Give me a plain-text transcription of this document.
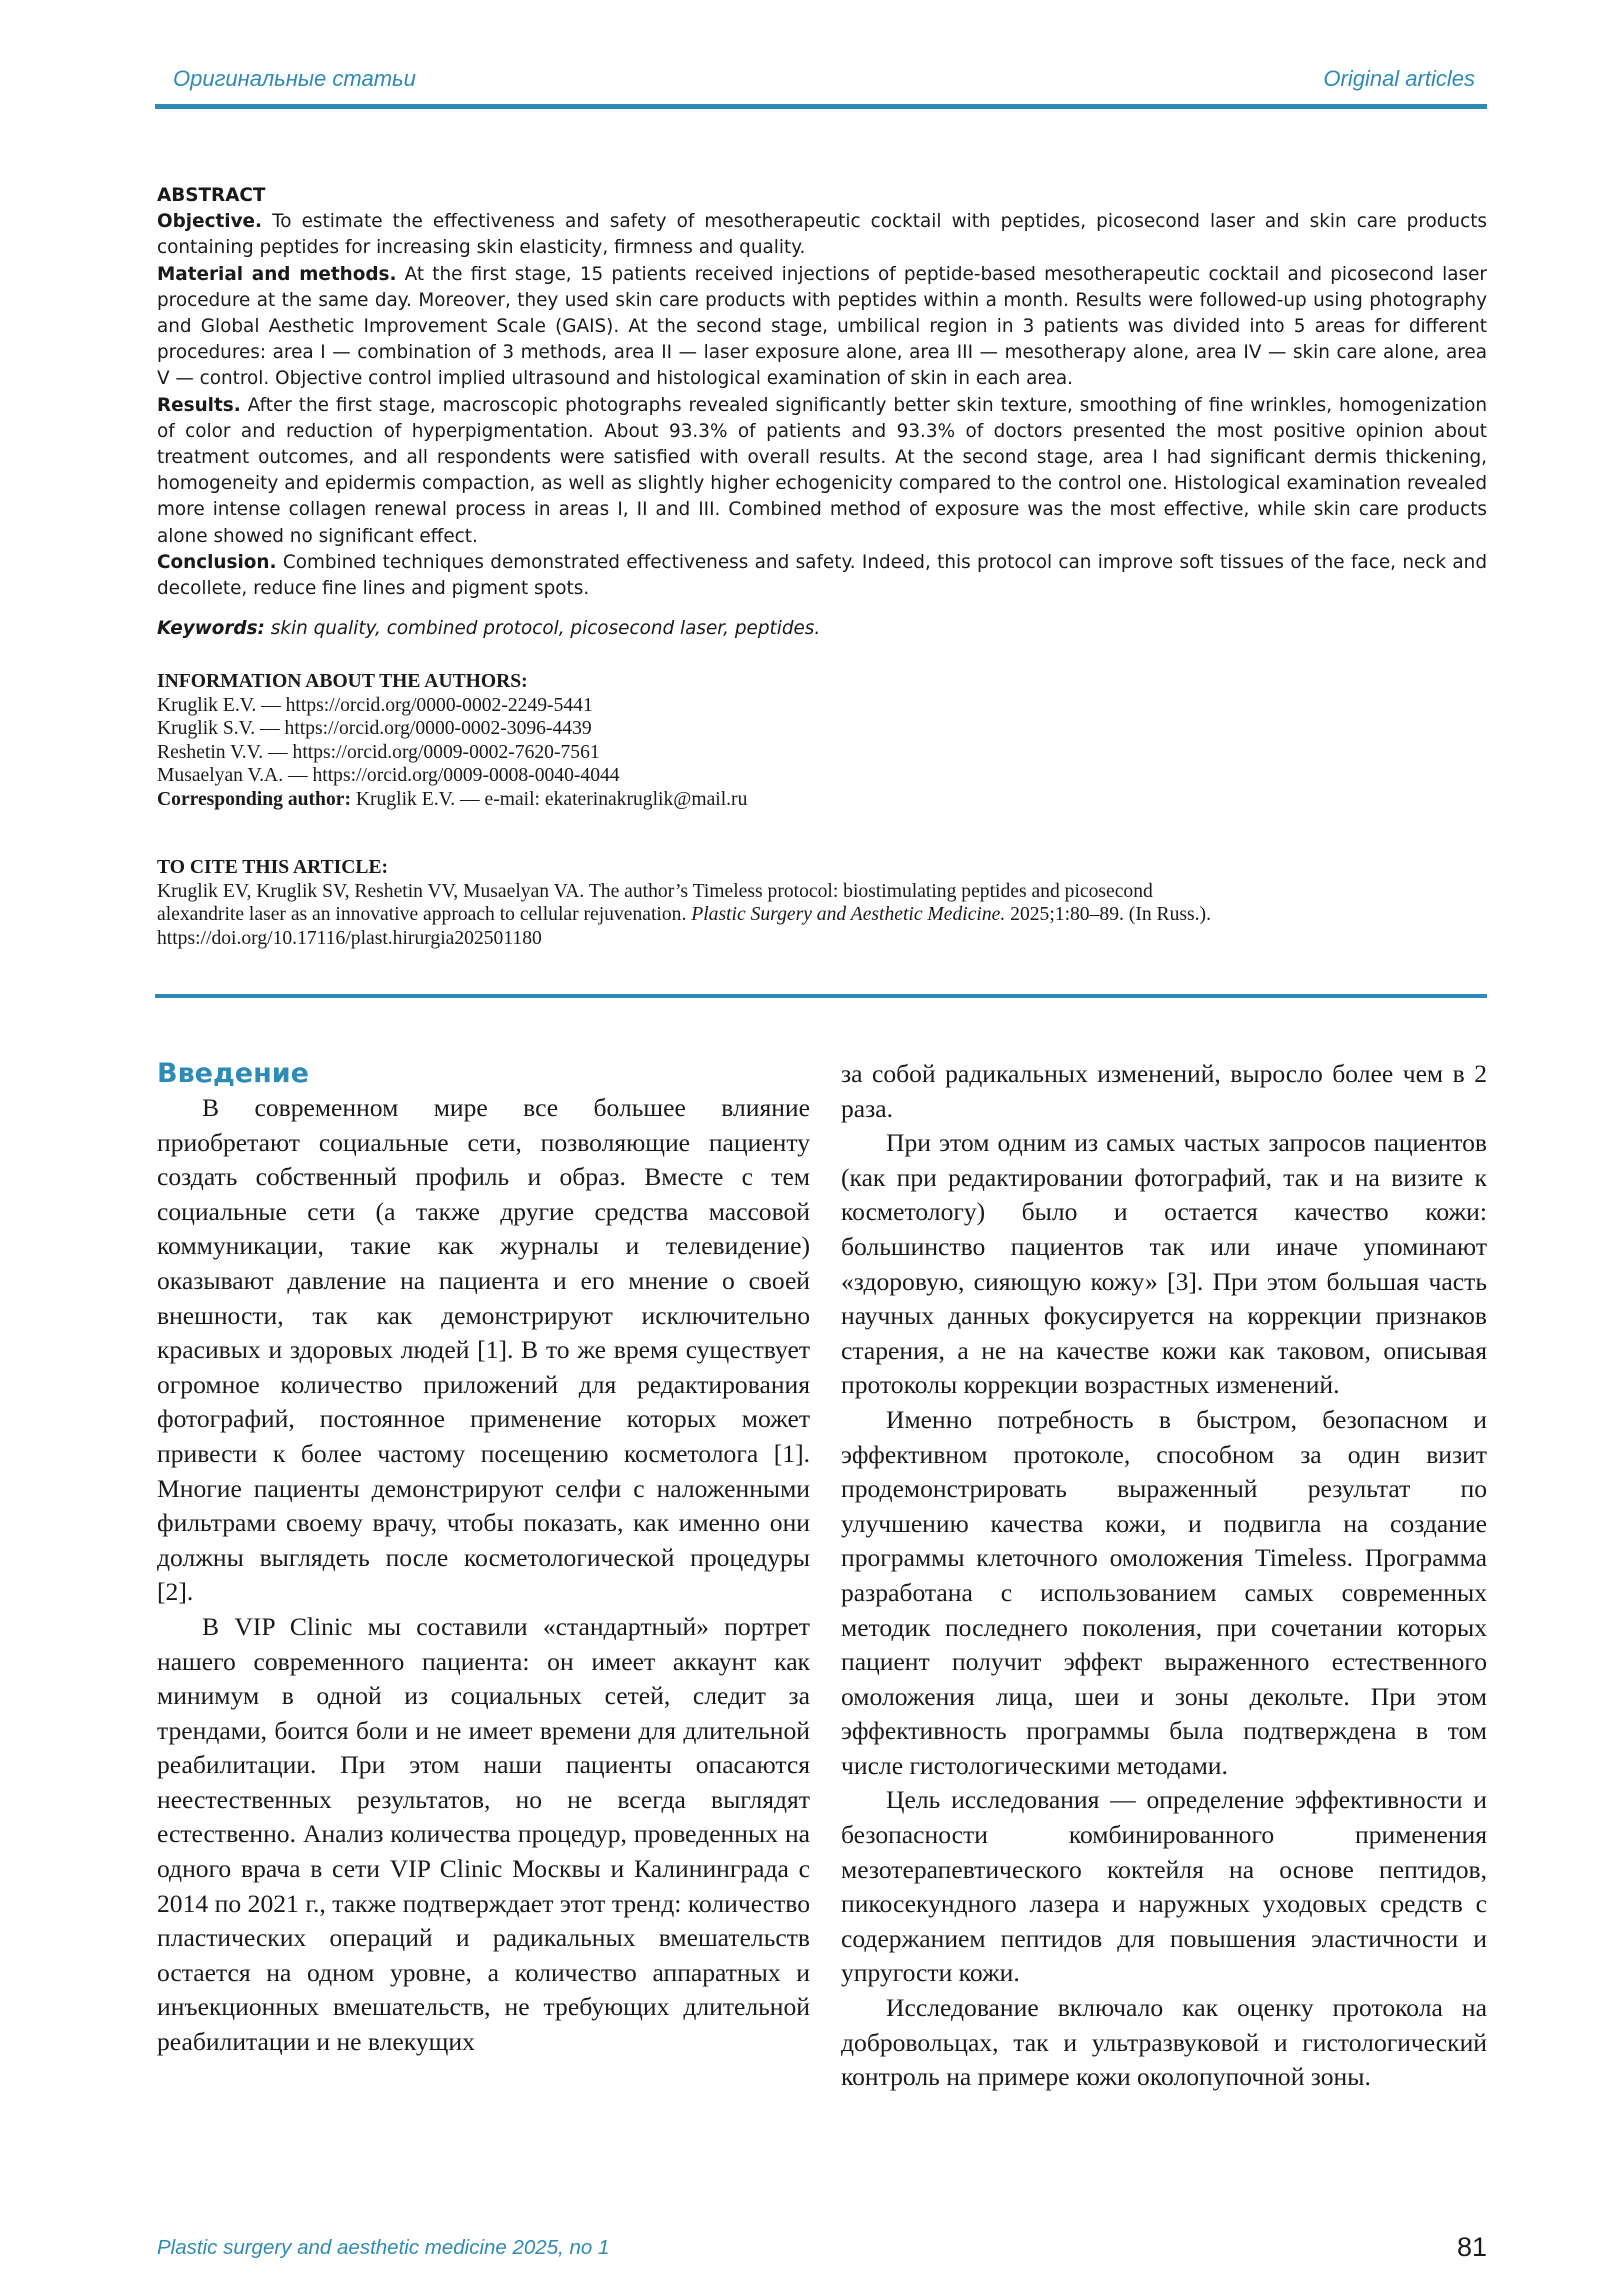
Оригинальные статьи	Original articles

ABSTRACT

Objective. To estimate the effectiveness and safety of mesotherapeutic cocktail with peptides, picosecond laser and skin care products containing peptides for increasing skin elasticity, firmness and quality.

Material and methods. At the first stage, 15 patients received injections of peptide-based mesotherapeutic cocktail and picosecond laser procedure at the same day. Moreover, they used skin care products with peptides within a month. Results were followed-up using photography and Global Aesthetic Improvement Scale (GAIS). At the second stage, umbilical region in 3 patients was divided into 5 areas for different procedures: area I — combination of 3 methods, area II — laser exposure alone, area III — mesotherapy alone, area IV — skin care alone, area V — control. Objective control implied ultrasound and histological examination of skin in each area.

Results. After the first stage, macroscopic photographs revealed significantly better skin texture, smoothing of fine wrinkles, homogenization of color and reduction of hyperpigmentation. About 93.3% of patients and 93.3% of doctors presented the most positive opinion about treatment outcomes, and all respondents were satisfied with overall results. At the second stage, area I had significant dermis thickening, homogeneity and epidermis compaction, as well as slightly higher echogenicity compared to the control one. Histological examination revealed more intense collagen renewal process in areas I, II and III. Combined method of exposure was the most effective, while skin care products alone showed no significant effect.

Conclusion. Combined techniques demonstrated effectiveness and safety. Indeed, this protocol can improve soft tissues of the face, neck and decollete, reduce fine lines and pigment spots.

Keywords: skin quality, combined protocol, picosecond laser, peptides.

INFORMATION ABOUT THE AUTHORS:

Kruglik E.V. — https://orcid.org/0000-0002-2249-5441

Kruglik S.V. — https://orcid.org/0000-0002-3096-4439

Reshetin V.V. — https://orcid.org/0009-0002-7620-7561

Musaelyan V.A. — https://orcid.org/0009-0008-0040-4044

Corresponding author: Kruglik E.V. — e-mail: ekaterinakruglik@mail.ru

TO CITE THIS ARTICLE:

Kruglik EV, Kruglik SV, Reshetin VV, Musaelyan VA. The author’s Timeless protocol: biostimulating peptides and picosecond

alexandrite laser as an innovative approach to cellular rejuvenation. Plastic Surgery and Aesthetic Medicine. 2025;1:80–89. (In Russ.).

https://doi.org/10.17116/plast.hirurgia202501180

Введение

В современном мире все большее влияние приобретают социальные сети, позволяющие пациенту создать собственный профиль и образ. Вместе с тем социальные сети (а также другие средства массовой коммуникации, такие как журналы и телевидение) оказывают давление на пациента и его мнение о своей внешности, так как демонстрируют исключительно красивых и здоровых людей [1]. В то же время существует огромное количество приложений для редактирования фотографий, постоянное применение которых может привести к более частому посещению косметолога [1]. Многие пациенты демонстрируют селфи с наложенными фильтрами своему врачу, чтобы показать, как именно они должны выглядеть после косметологической процедуры [2].

В VIP Clinic мы составили «стандартный» портрет нашего современного пациента: он имеет аккаунт как минимум в одной из социальных сетей, следит за трендами, боится боли и не имеет времени для длительной реабилитации. При этом наши пациенты опасаются неестественных результатов, но не всегда выглядят естественно. Анализ количества процедур, проведенных на одного врача в сети VIP Clinic Москвы и Калининграда с 2014 по 2021 г., также подтверждает этот тренд: количество пластических операций и радикальных вмешательств остается на одном уровне, а количество аппаратных и инъекционных вмешательств, не требующих длительной реабилитации и не влекущих

за собой радикальных изменений, выросло более чем в 2 раза.

При этом одним из самых частых запросов пациентов (как при редактировании фотографий, так и на визите к косметологу) было и остается качество кожи: большинство пациентов так или иначе упоминают «здоровую, сияющую кожу» [3]. При этом большая часть научных данных фокусируется на коррекции признаков старения, а не на качестве кожи как таковом, описывая протоколы коррекции возрастных изменений.

Именно потребность в быстром, безопасном и эффективном протоколе, способном за один визит продемонстрировать выраженный результат по улучшению качества кожи, и подвигла на создание программы клеточного омоложения Timeless. Программа разработана с использованием самых современных методик последнего поколения, при сочетании которых пациент получит эффект выраженного естественного омоложения лица, шеи и зоны декольте. При этом эффективность программы была подтверждена в том числе гистологическими методами.

Цель исследования — определение эффективности и безопасности комбинированного применения мезотерапевтического коктейля на основе пептидов, пикосекундного лазера и наружных уходовых средств с содержанием пептидов для повышения эластичности и упругости кожи.

Исследование включало как оценку протокола на добровольцах, так и ультразвуковой и гистологический контроль на примере кожи околопупочной зоны.

Plastic surgery and aesthetic medicine 2025, no 1	81
